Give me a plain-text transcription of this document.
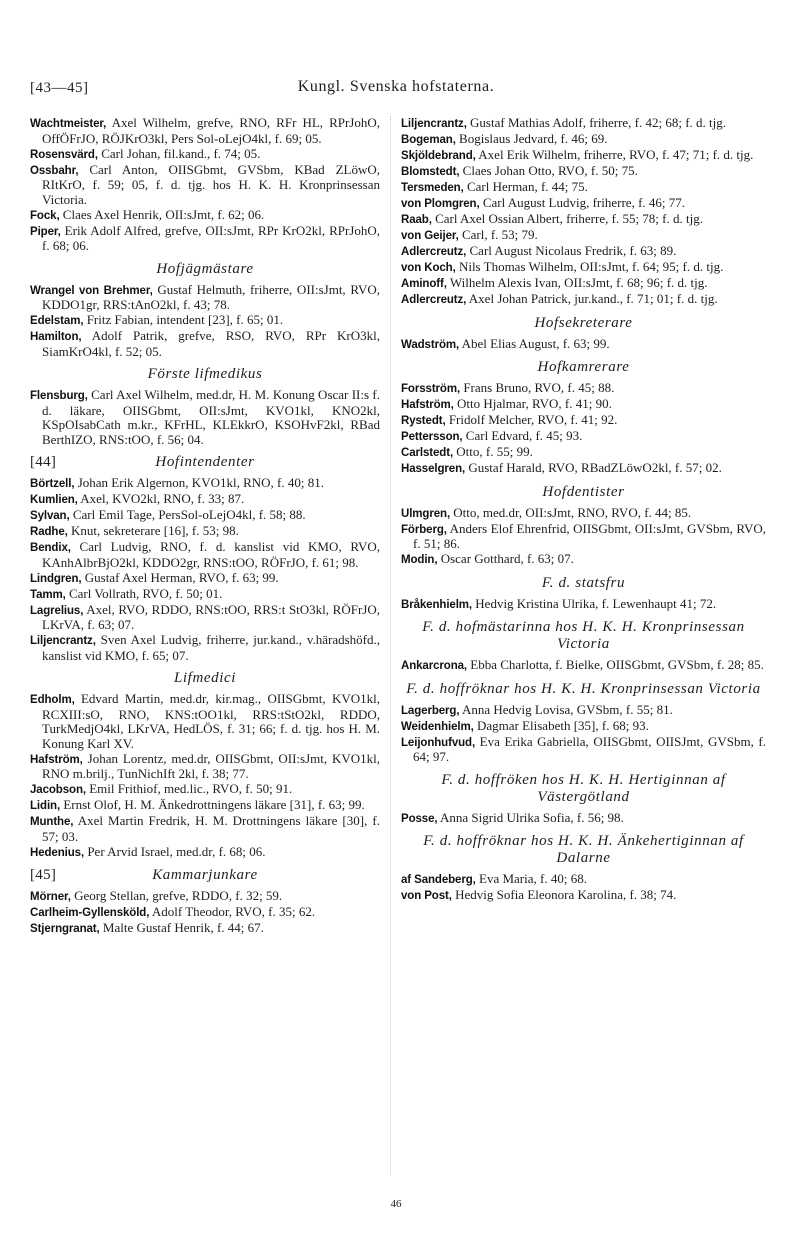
[43—45]	Kungl. Svenska hofstaterna.
Wachtmeister, Axel Wilhelm, grefve, RNO, RFr HL, RPrJohO, OffÖFrJO, RÖJKrO3kl, Pers Sol-oLejO4kl, f. 69; 05.
Rosensvärd, Carl Johan, fil.kand., f. 74; 05.
Ossbahr, Carl Anton, OIISGbmt, GVSbm, KBad ZLöwO, RItKrO, f. 59; 05, f. d. tjg. hos H. K. H. Kronprinsessan Victoria.
Fock, Claes Axel Henrik, OII:sJmt, f. 62; 06.
Piper, Erik Adolf Alfred, grefve, OII:sJmt, RPr KrO2kl, RPrJohO, f. 68; 06.
Hofjägmästare
Wrangel von Brehmer, Gustaf Helmuth, friherre, OII:sJmt, RVO, KDDO1gr, RRS:tAnO2kl, f. 43; 78.
Edelstam, Fritz Fabian, intendent [23], f. 65; 01.
Hamilton, Adolf Patrik, grefve, RSO, RVO, RPr KrO3kl, SiamKrO4kl, f. 52; 05.
Förste lifmedikus
Flensburg, Carl Axel Wilhelm, med.dr, H. M. Konung Oscar II:s f. d. läkare, OIISGbmt, OII:sJmt, KVO1kl, KNO2kl, KSpOIsabCath m.kr., KFrHL, KLEkkrO, KSOHvF2kl, RBad BerthIZO, RNS:tOO, f. 56; 04.
[44]	Hofintendenter
Börtzell, Johan Erik Algernon, KVO1kl, RNO, f. 40; 81.
Kumlien, Axel, KVO2kl, RNO, f. 33; 87.
Sylvan, Carl Emil Tage, PersSol-oLejO4kl, f. 58; 88.
Radhe, Knut, sekreterare [16], f. 53; 98.
Bendix, Carl Ludvig, RNO, f. d. kanslist vid KMO, RVO, KAnhAlbrBjO2kl, KDDO2gr, RNS:tOO, RÖFrJO, f. 61; 98.
Lindgren, Gustaf Axel Herman, RVO, f. 63; 99.
Tamm, Carl Vollrath, RVO, f. 50; 01.
Lagrelius, Axel, RVO, RDDO, RNS:tOO, RRS:t StO3kl, RÖFrJO, LKrVA, f. 63; 07.
Liljencrantz, Sven Axel Ludvig, friherre, jur.kand., v.häradshöfd., kanslist vid KMO, f. 65; 07.
Lifmedici
Edholm, Edvard Martin, med.dr, kir.mag., OIISGbmt, KVO1kl, RCXIII:sO, RNO, KNS:tOO1kl, RRS:tStO2kl, RDDO, TurkMedjO4kl, LKrVA, HedLÖS, f. 31; 66; f. d. tjg. hos H. M. Konung Karl XV.
Hafström, Johan Lorentz, med.dr, OIISGbmt, OII:sJmt, KVO1kl, RNO m.brilj., TunNichIft 2kl, f. 38; 77.
Jacobson, Emil Frithiof, med.lic., RVO, f. 50; 91.
Lidin, Ernst Olof, H. M. Änkedrottningens läkare [31], f. 63; 99.
Munthe, Axel Martin Fredrik, H. M. Drottningens läkare [30], f. 57; 03.
Hedenius, Per Arvid Israel, med.dr, f. 68; 06.
[45]	Kammarjunkare
Mörner, Georg Stellan, grefve, RDDO, f. 32; 59.
Carlheim-Gyllensköld, Adolf Theodor, RVO, f. 35; 62.
Stjerngranat, Malte Gustaf Henrik, f. 44; 67.
Liljencrantz, Gustaf Mathias Adolf, friherre, f. 42; 68; f. d. tjg.
Bogeman, Bogislaus Jedvard, f. 46; 69.
Skjöldebrand, Axel Erik Wilhelm, friherre, RVO, f. 47; 71; f. d. tjg.
Blomstedt, Claes Johan Otto, RVO, f. 50; 75.
Tersmeden, Carl Herman, f. 44; 75.
von Plomgren, Carl August Ludvig, friherre, f. 46; 77.
Raab, Carl Axel Ossian Albert, friherre, f. 55; 78; f. d. tjg.
von Geijer, Carl, f. 53; 79.
Adlercreutz, Carl August Nicolaus Fredrik, f. 63; 89.
von Koch, Nils Thomas Wilhelm, OII:sJmt, f. 64; 95; f. d. tjg.
Aminoff, Wilhelm Alexis Ivan, OII:sJmt, f. 68; 96; f. d. tjg.
Adlercreutz, Axel Johan Patrick, jur.kand., f. 71; 01; f. d. tjg.
Hofsekreterare
Wadström, Abel Elias August, f. 63; 99.
Hofkamrerare
Forsström, Frans Bruno, RVO, f. 45; 88.
Hafström, Otto Hjalmar, RVO, f. 41; 90.
Rystedt, Fridolf Melcher, RVO, f. 41; 92.
Pettersson, Carl Edvard, f. 45; 93.
Carlstedt, Otto, f. 55; 99.
Hasselgren, Gustaf Harald, RVO, RBadZLöwO2kl, f. 57; 02.
Hofdentister
Ulmgren, Otto, med.dr, OII:sJmt, RNO, RVO, f. 44; 85.
Förberg, Anders Elof Ehrenfrid, OIISGbmt, OII:sJmt, GVSbm, RVO, f. 51; 86.
Modin, Oscar Gotthard, f. 63; 07.
F. d. statsfru
Bråkenhielm, Hedvig Kristina Ulrika, f. Lewenhaupt 41; 72.
F. d. hofmästarinna hos H. K. H. Kronprinsessan Victoria
Ankarcrona, Ebba Charlotta, f. Bielke, OIISGbmt, GVSbm, f. 28; 85.
F. d. hoffröknar hos H. K. H. Kronprinsessan Victoria
Lagerberg, Anna Hedvig Lovisa, GVSbm, f. 55; 81.
Weidenhielm, Dagmar Elisabeth [35], f. 68; 93.
Leijonhufvud, Eva Erika Gabriella, OIISGbmt, OIISJmt, GVSbm, f. 64; 97.
F. d. hoffröken hos H. K. H. Hertiginnan af Västergötland
Posse, Anna Sigrid Ulrika Sofia, f. 56; 98.
F. d. hoffröknar hos H. K. H. Änkehertiginnan af Dalarne
af Sandeberg, Eva Maria, f. 40; 68.
von Post, Hedvig Sofia Eleonora Karolina, f. 38; 74.
46
